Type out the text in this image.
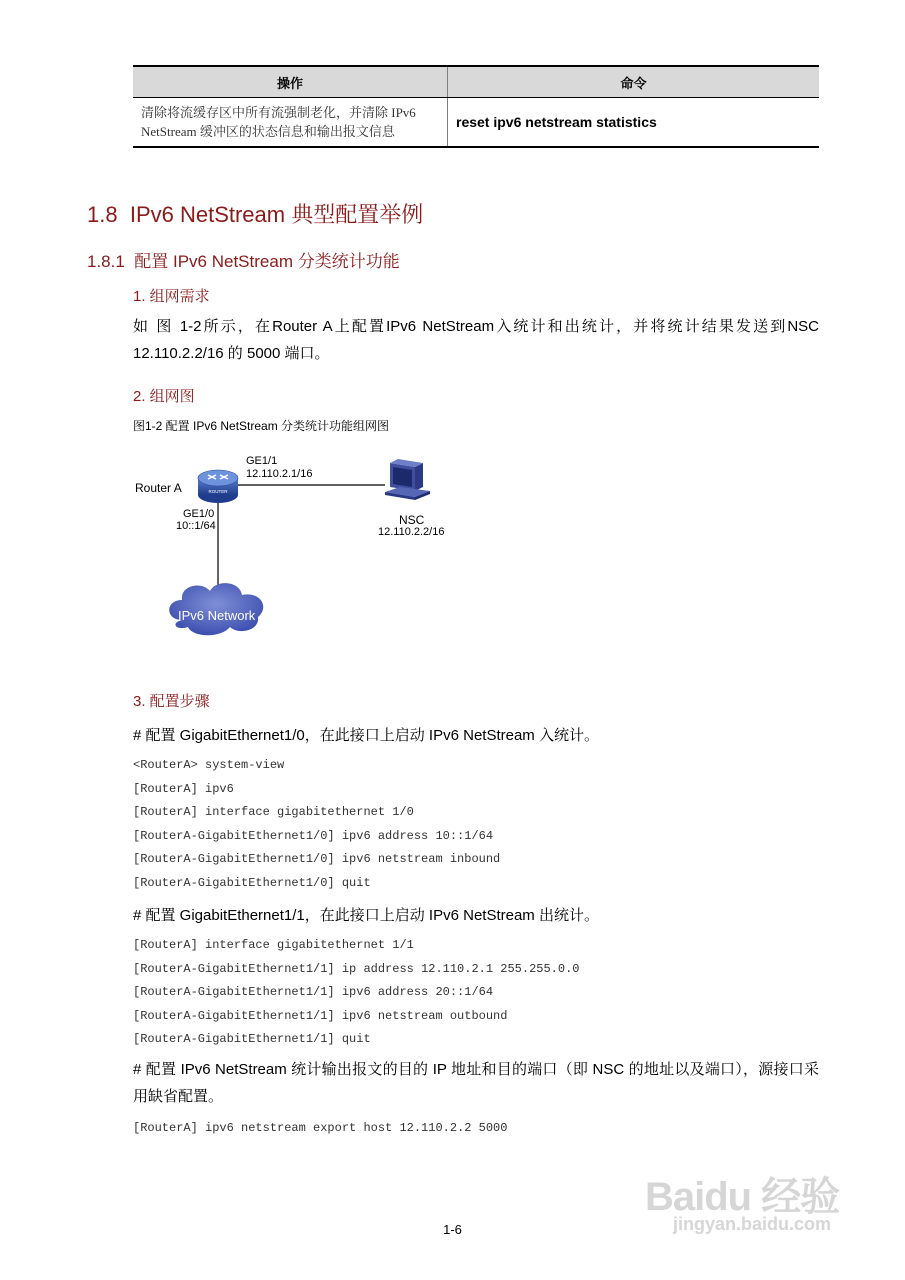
操作	命令
清除将流缓存区中所有流强制老化，并清除 IPv6 NetStream 缓冲区的状态信息和输出报文信息	reset ipv6 netstream statistics
1.8 IPv6 NetStream 典型配置举例
1.8.1 配置 IPv6 NetStream 分类统计功能
1. 组网需求
如 图 1-2所示，在Router A上配置IPv6 NetStream入统计和出统计，并将统计结果发送到NSC 12.110.2.2/16 的 5000 端口。
2. 组网图
图1-2 配置 IPv6 NetStream 分类统计功能组网图
ROUTER
Router A
GE1/1
12.110.2.1/16
GE1/0
10::1/64	NSC
12.110.2.2/16
IPv6 Network
3. 配置步骤
# 配置 GigabitEthernet1/0，在此接口上启动 IPv6 NetStream 入统计。
<RouterA> system-view
[RouterA] ipv6
[RouterA] interface gigabitethernet 1/0
[RouterA-GigabitEthernet1/0] ipv6 address 10::1/64
[RouterA-GigabitEthernet1/0] ipv6 netstream inbound
[RouterA-GigabitEthernet1/0] quit
# 配置 GigabitEthernet1/1，在此接口上启动 IPv6 NetStream 出统计。
[RouterA] interface gigabitethernet 1/1
[RouterA-GigabitEthernet1/1] ip address 12.110.2.1 255.255.0.0
[RouterA-GigabitEthernet1/1] ipv6 address 20::1/64
[RouterA-GigabitEthernet1/1] ipv6 netstream outbound
[RouterA-GigabitEthernet1/1] quit
# 配置 IPv6 NetStream 统计输出报文的目的 IP 地址和目的端口（即 NSC 的地址以及端口），源接口采用缺省配置。
[RouterA] ipv6 netstream export host 12.110.2.2 5000
1-6
Baidu 经验
jingyan.baidu.com
